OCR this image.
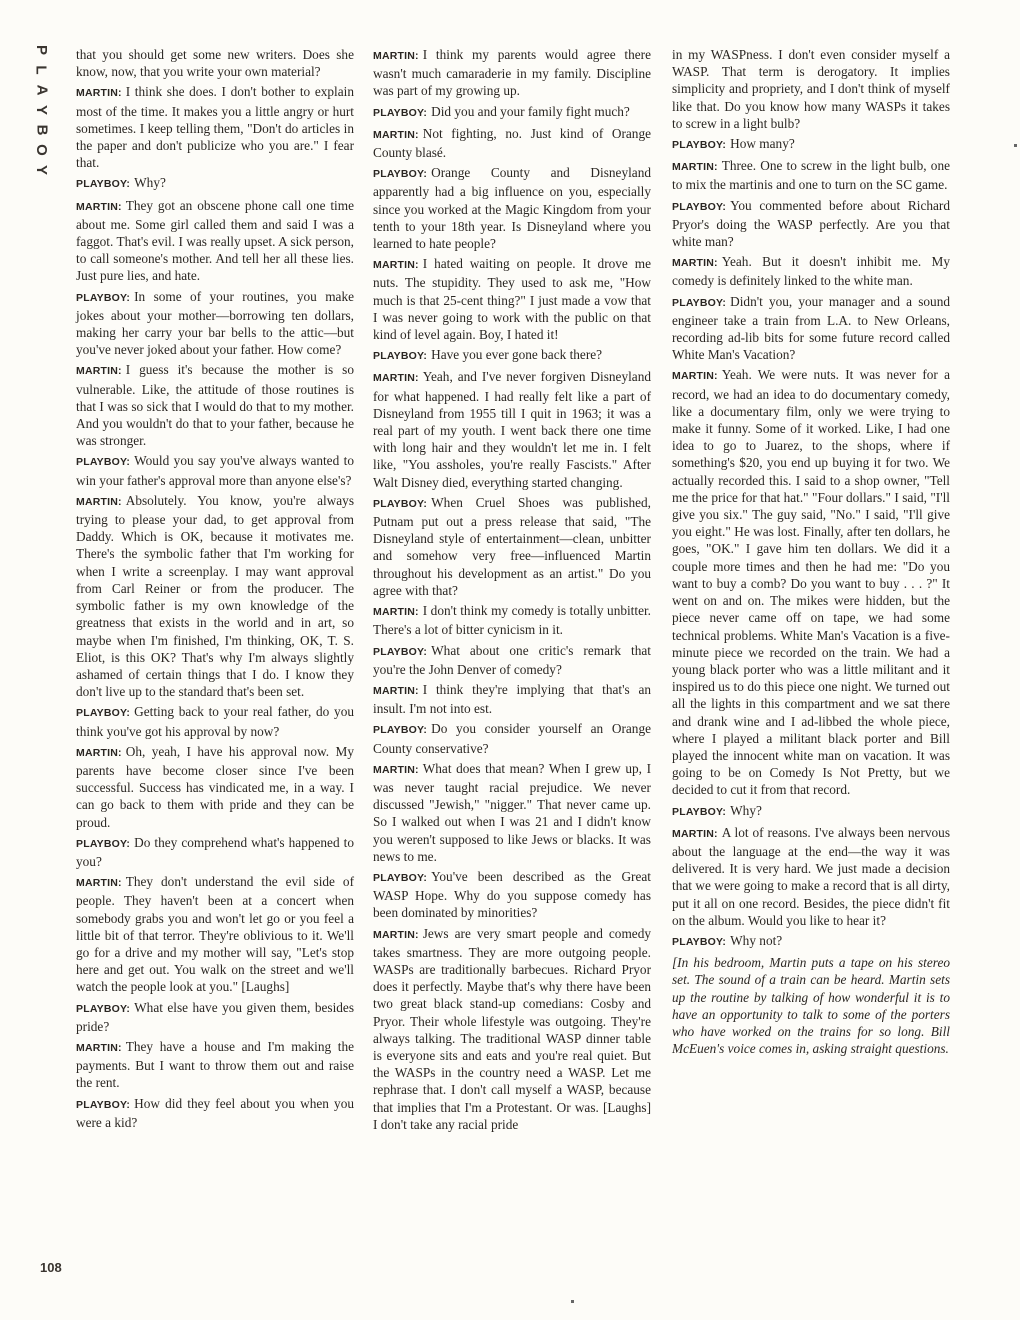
P
L
A
Y
B
O
Y

that you should get some new writers. Does she know, now, that you write your own material?

MARTIN: I think she does. I don't bother to explain most of the time. It makes you a little angry or hurt sometimes. I keep telling them, "Don't do articles in the paper and don't publicize who you are." I fear that.

PLAYBOY: Why?

MARTIN: They got an obscene phone call one time about me. Some girl called them and said I was a faggot. That's evil. I was really upset. A sick person, to call someone's mother. And tell her all these lies. Just pure lies, and hate.

PLAYBOY: In some of your routines, you make jokes about your mother—borrowing ten dollars, making her carry your bar bells to the attic—but you've never joked about your father. How come?

MARTIN: I guess it's because the mother is so vulnerable. Like, the attitude of those routines is that I was so sick that I would do that to my mother. And you wouldn't do that to your father, because he was stronger.

PLAYBOY: Would you say you've always wanted to win your father's approval more than anyone else's?

MARTIN: Absolutely. You know, you're always trying to please your dad, to get approval from Daddy. Which is OK, because it motivates me. There's the symbolic father that I'm working for when I write a screenplay. I may want approval from Carl Reiner or from the producer. The symbolic father is my own knowledge of the greatness that exists in the world and in art, so maybe when I'm finished, I'm thinking, OK, T. S. Eliot, is this OK? That's why I'm always slightly ashamed of certain things that I do. I know they don't live up to the standard that's been set.

PLAYBOY: Getting back to your real father, do you think you've got his approval by now?

MARTIN: Oh, yeah, I have his approval now. My parents have become closer since I've been successful. Success has vindicated me, in a way. I can go back to them with pride and they can be proud.

PLAYBOY: Do they comprehend what's happened to you?

MARTIN: They don't understand the evil side of people. They haven't been at a concert when somebody grabs you and won't let go or you feel a little bit of that terror. They're oblivious to it. We'll go for a drive and my mother will say, "Let's stop here and get out. You walk on the street and we'll watch the people look at you." [Laughs]

PLAYBOY: What else have you given them, besides pride?

MARTIN: They have a house and I'm making the payments. But I want to throw them out and raise the rent.

PLAYBOY: How did they feel about you when you were a kid?

MARTIN: I think my parents would agree there wasn't much camaraderie in my family. Discipline was part of my growing up.

PLAYBOY: Did you and your family fight much?

MARTIN: Not fighting, no. Just kind of Orange County blasé.

PLAYBOY: Orange County and Disneyland apparently had a big influence on you, especially since you worked at the Magic Kingdom from your tenth to your 18th year. Is Disneyland where you learned to hate people?

MARTIN: I hated waiting on people. It drove me nuts. The stupidity. They used to ask me, "How much is that 25-cent thing?" I just made a vow that I was never going to work with the public on that kind of level again. Boy, I hated it!

PLAYBOY: Have you ever gone back there?

MARTIN: Yeah, and I've never forgiven Disneyland for what happened. I had really felt like a part of Disneyland from 1955 till I quit in 1963; it was a real part of my youth. I went back there one time with long hair and they wouldn't let me in. I felt like, "You assholes, you're really Fascists." After Walt Disney died, everything started changing.

PLAYBOY: When Cruel Shoes was published, Putnam put out a press release that said, "The Disneyland style of entertainment—clean, unbitter and somehow very free—influenced Martin throughout his development as an artist." Do you agree with that?

MARTIN: I don't think my comedy is totally unbitter. There's a lot of bitter cynicism in it.

PLAYBOY: What about one critic's remark that you're the John Denver of comedy?

MARTIN: I think they're implying that that's an insult. I'm not into est.

PLAYBOY: Do you consider yourself an Orange County conservative?

MARTIN: What does that mean? When I grew up, I was never taught racial prejudice. We never discussed "Jewish," "nigger." That never came up. So I walked out when I was 21 and I didn't know you weren't supposed to like Jews or blacks. It was news to me.

PLAYBOY: You've been described as the Great WASP Hope. Why do you suppose comedy has been dominated by minorities?

MARTIN: Jews are very smart people and comedy takes smartness. They are more outgoing people. WASPs are traditionally barbecues. Richard Pryor does it perfectly. Maybe that's why there have been two great black stand-up comedians: Cosby and Pryor. Their whole lifestyle was outgoing. They're always talking. The traditional WASP dinner table is everyone sits and eats and you're real quiet. But the WASPs in the country need a WASP. Let me rephrase that. I don't call myself a WASP, because that implies that I'm a Protestant. Or was. [Laughs] I don't take any racial pride

in my WASPness. I don't even consider myself a WASP. That term is derogatory. It implies simplicity and propriety, and I don't think of myself like that. Do you know how many WASPs it takes to screw in a light bulb?

PLAYBOY: How many?

MARTIN: Three. One to screw in the light bulb, one to mix the martinis and one to turn on the SC game.

PLAYBOY: You commented before about Richard Pryor's doing the WASP perfectly. Are you that white man?

MARTIN: Yeah. But it doesn't inhibit me. My comedy is definitely linked to the white man.

PLAYBOY: Didn't you, your manager and a sound engineer take a train from L.A. to New Orleans, recording ad-lib bits for some future record called White Man's Vacation?

MARTIN: Yeah. We were nuts. It was never for a record, we had an idea to do documentary comedy, like a documentary film, only we were trying to make it funny. Some of it worked. Like, I had one idea to go to Juarez, to the shops, where if something's $20, you end up buying it for two. We actually recorded this. I said to a shop owner, "Tell me the price for that hat." "Four dollars." I said, "I'll give you six." The guy said, "No." I said, "I'll give you eight." He was lost. Finally, after ten dollars, he goes, "OK." I gave him ten dollars. We did it a couple more times and then he had me: "Do you want to buy a comb? Do you want to buy . . . ?" It went on and on. The mikes were hidden, but the piece never came off on tape, we had some technical problems. White Man's Vacation is a five-minute piece we recorded on the train. We had a young black porter who was a little militant and it inspired us to do this piece one night. We turned out all the lights in this compartment and we sat there and drank wine and I ad-libbed the whole piece, where I played a militant black porter and Bill played the innocent white man on vacation. It was going to be on Comedy Is Not Pretty, but we decided to cut it from that record.

PLAYBOY: Why?

MARTIN: A lot of reasons. I've always been nervous about the language at the end—the way it was delivered. It is very hard. We just made a decision that we were going to make a record that is all dirty, put it all on one record. Besides, the piece didn't fit on the album. Would you like to hear it?

PLAYBOY: Why not?

[In his bedroom, Martin puts a tape on his stereo set. The sound of a train can be heard. Martin sets up the routine by talking of how wonderful it is to have an opportunity to talk to some of the porters who have worked on the trains for so long. Bill McEuen's voice comes in, asking straight questions.

108
